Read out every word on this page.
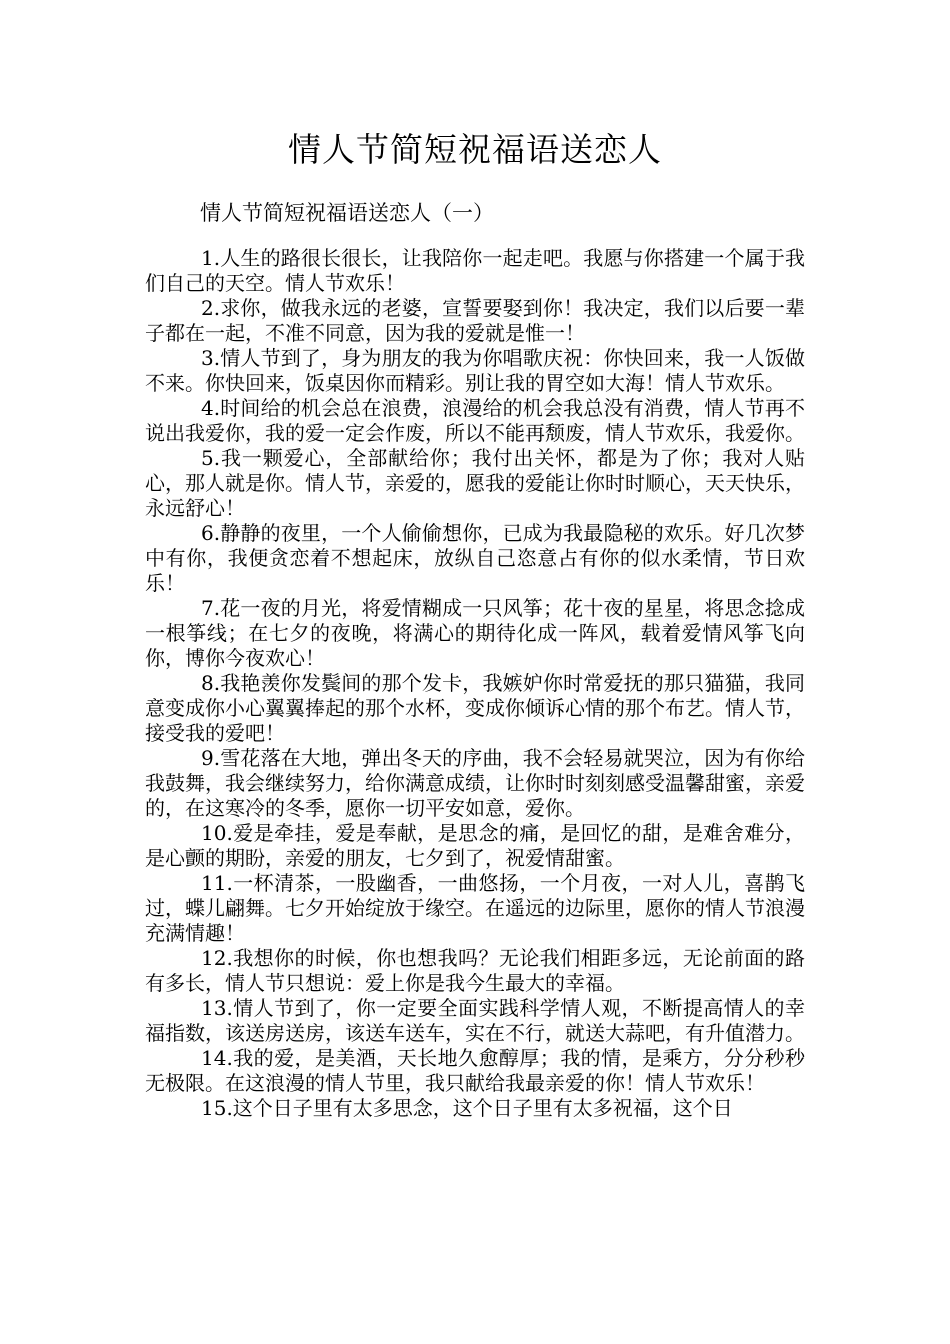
情人节简短祝福语送恋人
情人节简短祝福语送恋人（一）

1.人生的路很长很长，让我陪你一起走吧。我愿与你搭建一个属于我们自己的天空。情人节欢乐！

2.求你，做我永远的老婆，宣誓要娶到你！我决定，我们以后要一辈子都在一起，不准不同意，因为我的爱就是惟一！

3.情人节到了，身为朋友的我为你唱歌庆祝：你快回来，我一人饭做不来。你快回来，饭桌因你而精彩。别让我的胃空如大海！情人节欢乐。

4.时间给的机会总在浪费，浪漫给的机会我总没有消费，情人节再不说出我爱你，我的爱一定会作废，所以不能再颓废，情人节欢乐，我爱你。

5.我一颗爱心，全部献给你；我付出关怀，都是为了你；我对人贴心，那人就是你。情人节，亲爱的，愿我的爱能让你时时顺心，天天快乐，永远舒心！

6.静静的夜里，一个人偷偷想你，已成为我最隐秘的欢乐。好几次梦中有你，我便贪恋着不想起床，放纵自己恣意占有你的似水柔情，节日欢乐！

7.花一夜的月光，将爱情糊成一只风筝；花十夜的星星，将思念捻成一根筝线；在七夕的夜晚，将满心的期待化成一阵风，载着爱情风筝飞向你，博你今夜欢心！

8.我艳羡你发鬓间的那个发卡，我嫉妒你时常爱抚的那只猫猫，我同意变成你小心翼翼捧起的那个水杯，变成你倾诉心情的那个布艺。情人节，接受我的爱吧！

9.雪花落在大地，弹出冬天的序曲，我不会轻易就哭泣，因为有你给我鼓舞，我会继续努力，给你满意成绩，让你时时刻刻感受温馨甜蜜，亲爱的，在这寒冷的冬季，愿你一切平安如意，爱你。

10.爱是牵挂，爱是奉献，是思念的痛，是回忆的甜，是难舍难分，是心颤的期盼，亲爱的朋友，七夕到了，祝爱情甜蜜。

11.一杯清茶，一股幽香，一曲悠扬，一个月夜，一对人儿，喜鹊飞过，蝶儿翩舞。七夕开始绽放于缘空。在遥远的边际里，愿你的情人节浪漫充满情趣！

12.我想你的时候，你也想我吗？无论我们相距多远，无论前面的路有多长，情人节只想说：爱上你是我今生最大的幸福。

13.情人节到了，你一定要全面实践科学情人观，不断提高情人的幸福指数，该送房送房，该送车送车，实在不行，就送大蒜吧，有升值潜力。

14.我的爱，是美酒，天长地久愈醇厚；我的情，是乘方，分分秒秒无极限。在这浪漫的情人节里，我只献给我最亲爱的你！情人节欢乐！

15.这个日子里有太多思念，这个日子里有太多祝福，这个日
